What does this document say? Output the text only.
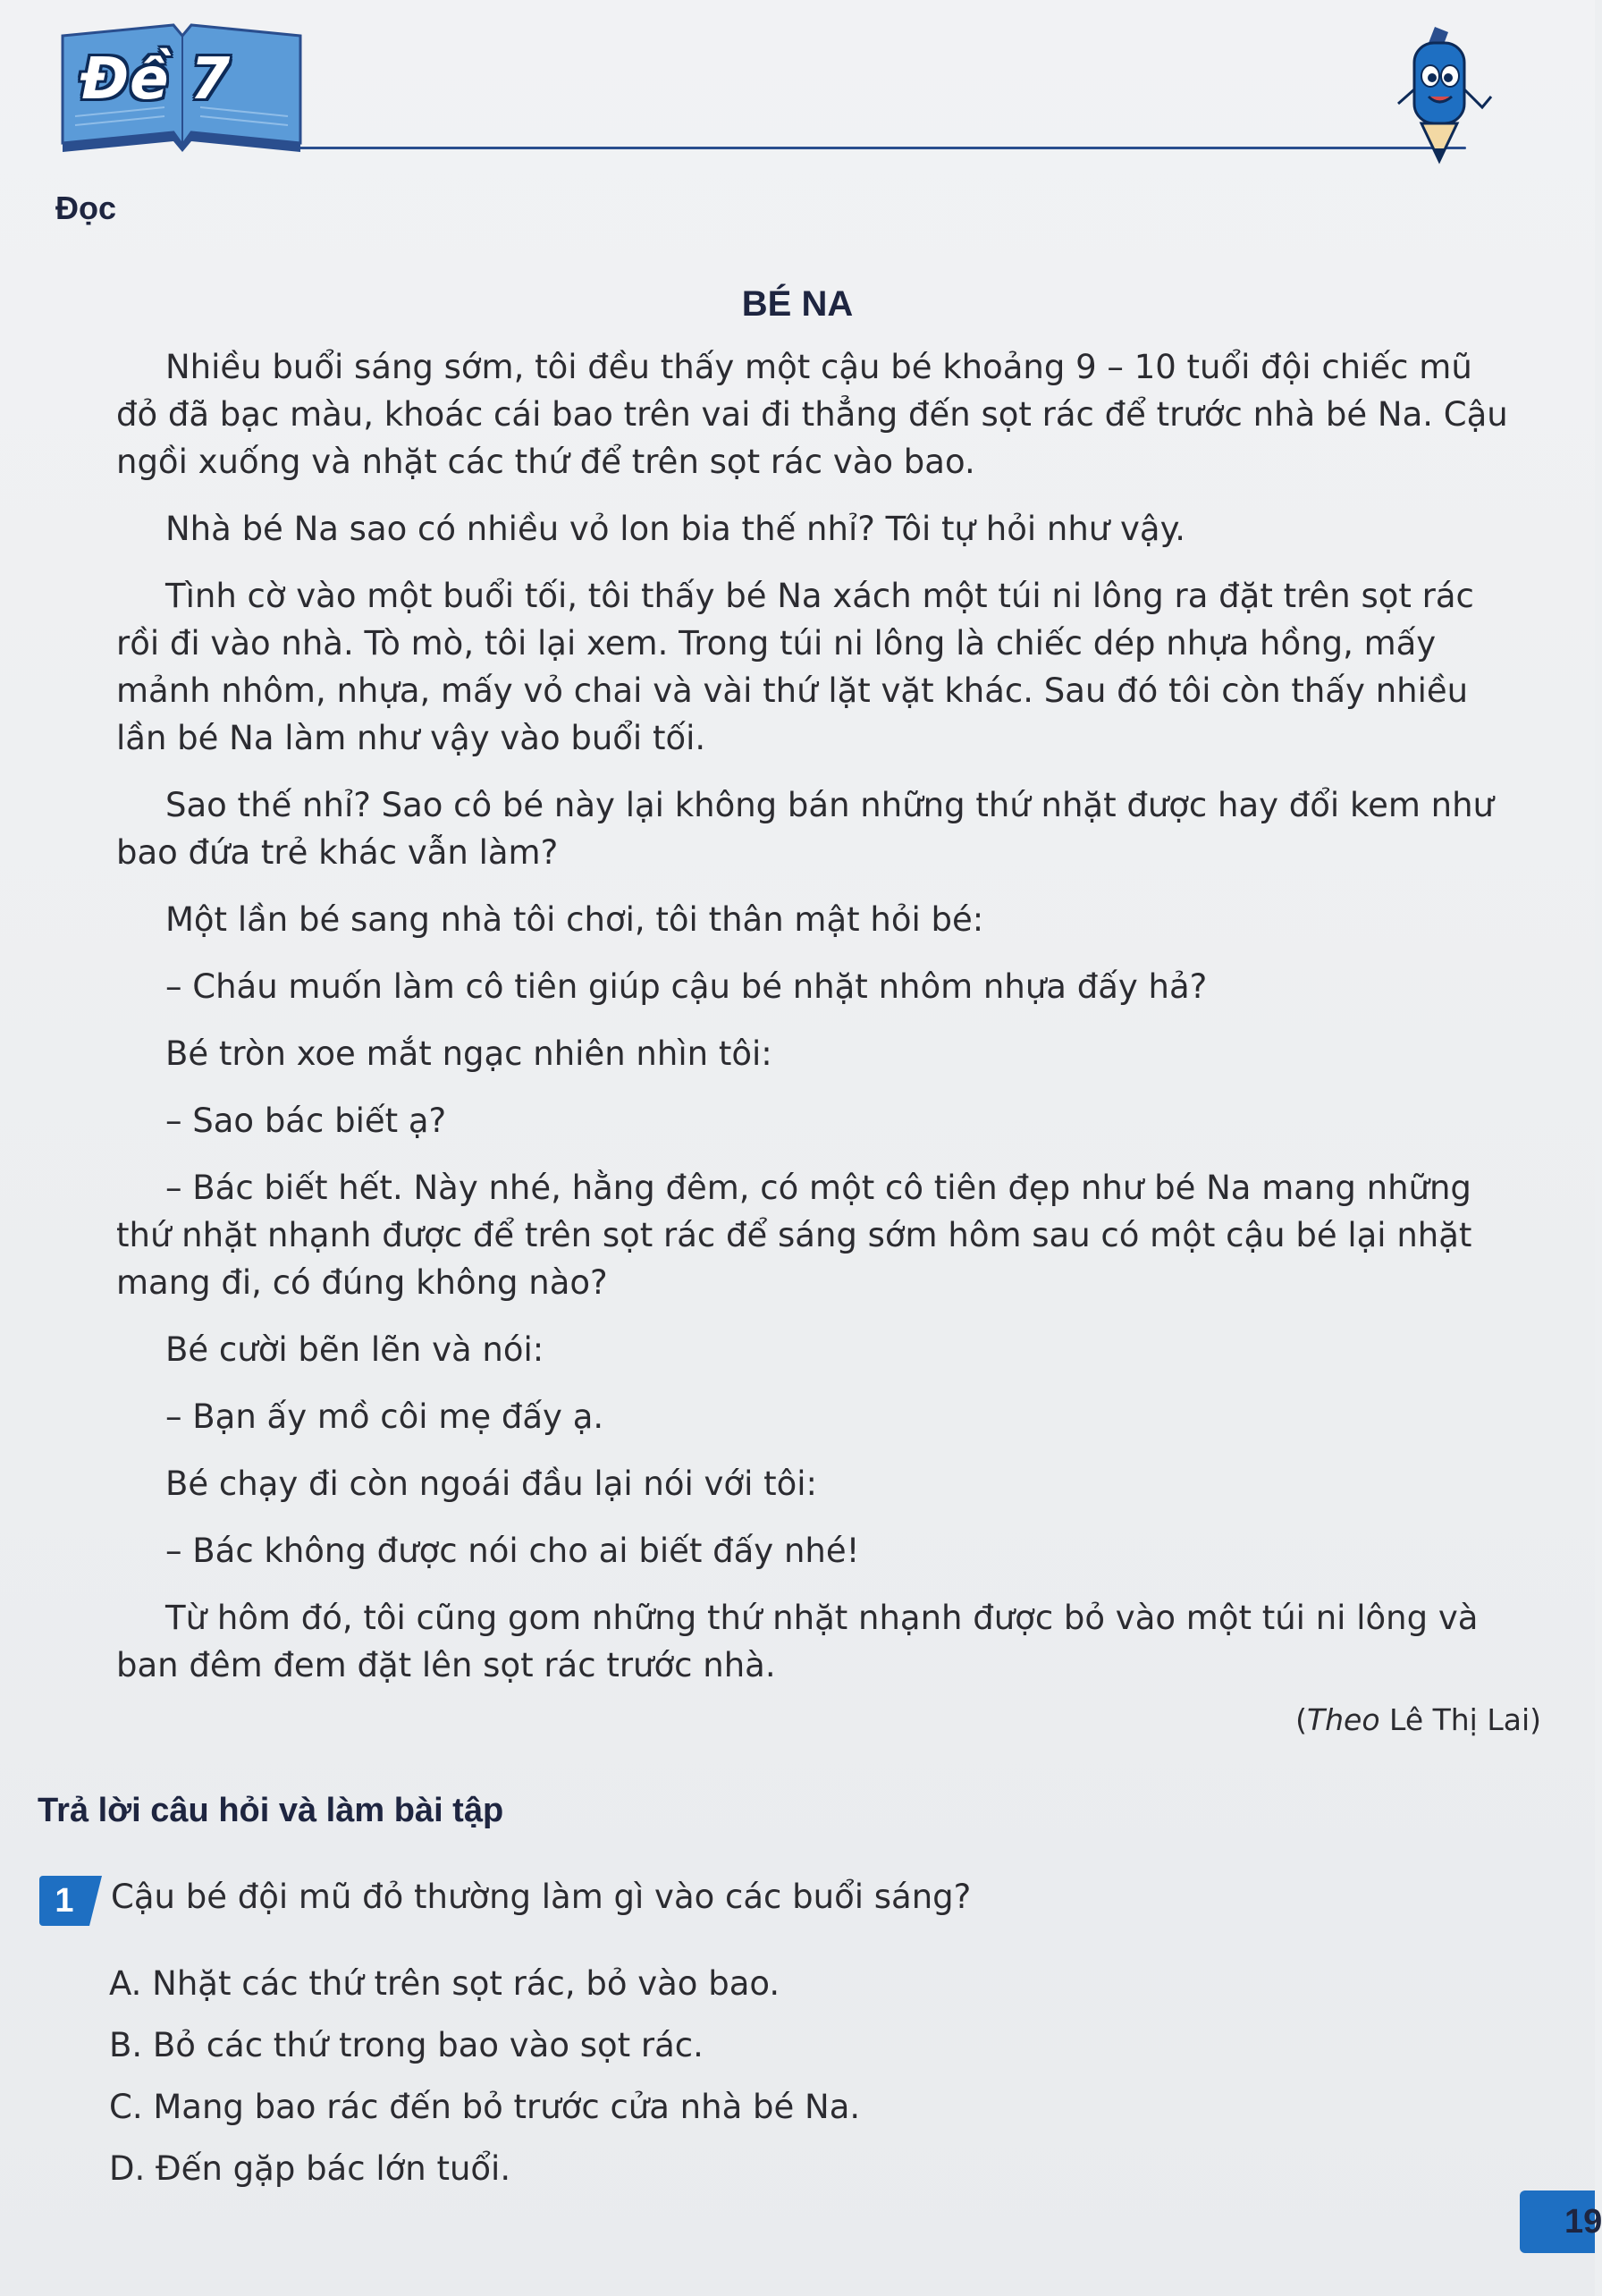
Đề 7
Đọc
BÉ NA

Nhiều buổi sáng sớm, tôi đều thấy một cậu bé khoảng 9 – 10 tuổi đội chiếc mũ đỏ đã bạc màu, khoác cái bao trên vai đi thẳng đến sọt rác để trước nhà bé Na. Cậu ngồi xuống và nhặt các thứ để trên sọt rác vào bao.

Nhà bé Na sao có nhiều vỏ lon bia thế nhỉ? Tôi tự hỏi như vậy.

Tình cờ vào một buổi tối, tôi thấy bé Na xách một túi ni lông ra đặt trên sọt rác rồi đi vào nhà. Tò mò, tôi lại xem. Trong túi ni lông là chiếc dép nhựa hồng, mấy mảnh nhôm, nhựa, mấy vỏ chai và vài thứ lặt vặt khác. Sau đó tôi còn thấy nhiều lần bé Na làm như vậy vào buổi tối.

Sao thế nhỉ? Sao cô bé này lại không bán những thứ nhặt được hay đổi kem như bao đứa trẻ khác vẫn làm?

Một lần bé sang nhà tôi chơi, tôi thân mật hỏi bé:

– Cháu muốn làm cô tiên giúp cậu bé nhặt nhôm nhựa đấy hả?

Bé tròn xoe mắt ngạc nhiên nhìn tôi:

– Sao bác biết ạ?

– Bác biết hết. Này nhé, hằng đêm, có một cô tiên đẹp như bé Na mang những thứ nhặt nhạnh được để trên sọt rác để sáng sớm hôm sau có một cậu bé lại nhặt mang đi, có đúng không nào?

Bé cười bẽn lẽn và nói:

– Bạn ấy mồ côi mẹ đấy ạ.

Bé chạy đi còn ngoái đầu lại nói với tôi:

– Bác không được nói cho ai biết đấy nhé!

Từ hôm đó, tôi cũng gom những thứ nhặt nhạnh được bỏ vào một túi ni lông và ban đêm đem đặt lên sọt rác trước nhà.

(Theo Lê Thị Lai)
Trả lời câu hỏi và làm bài tập
1	Cậu bé đội mũ đỏ thường làm gì vào các buổi sáng?
A. Nhặt các thứ trên sọt rác, bỏ vào bao.
B. Bỏ các thứ trong bao vào sọt rác.
C. Mang bao rác đến bỏ trước cửa nhà bé Na.
D. Đến gặp bác lớn tuổi.
19
